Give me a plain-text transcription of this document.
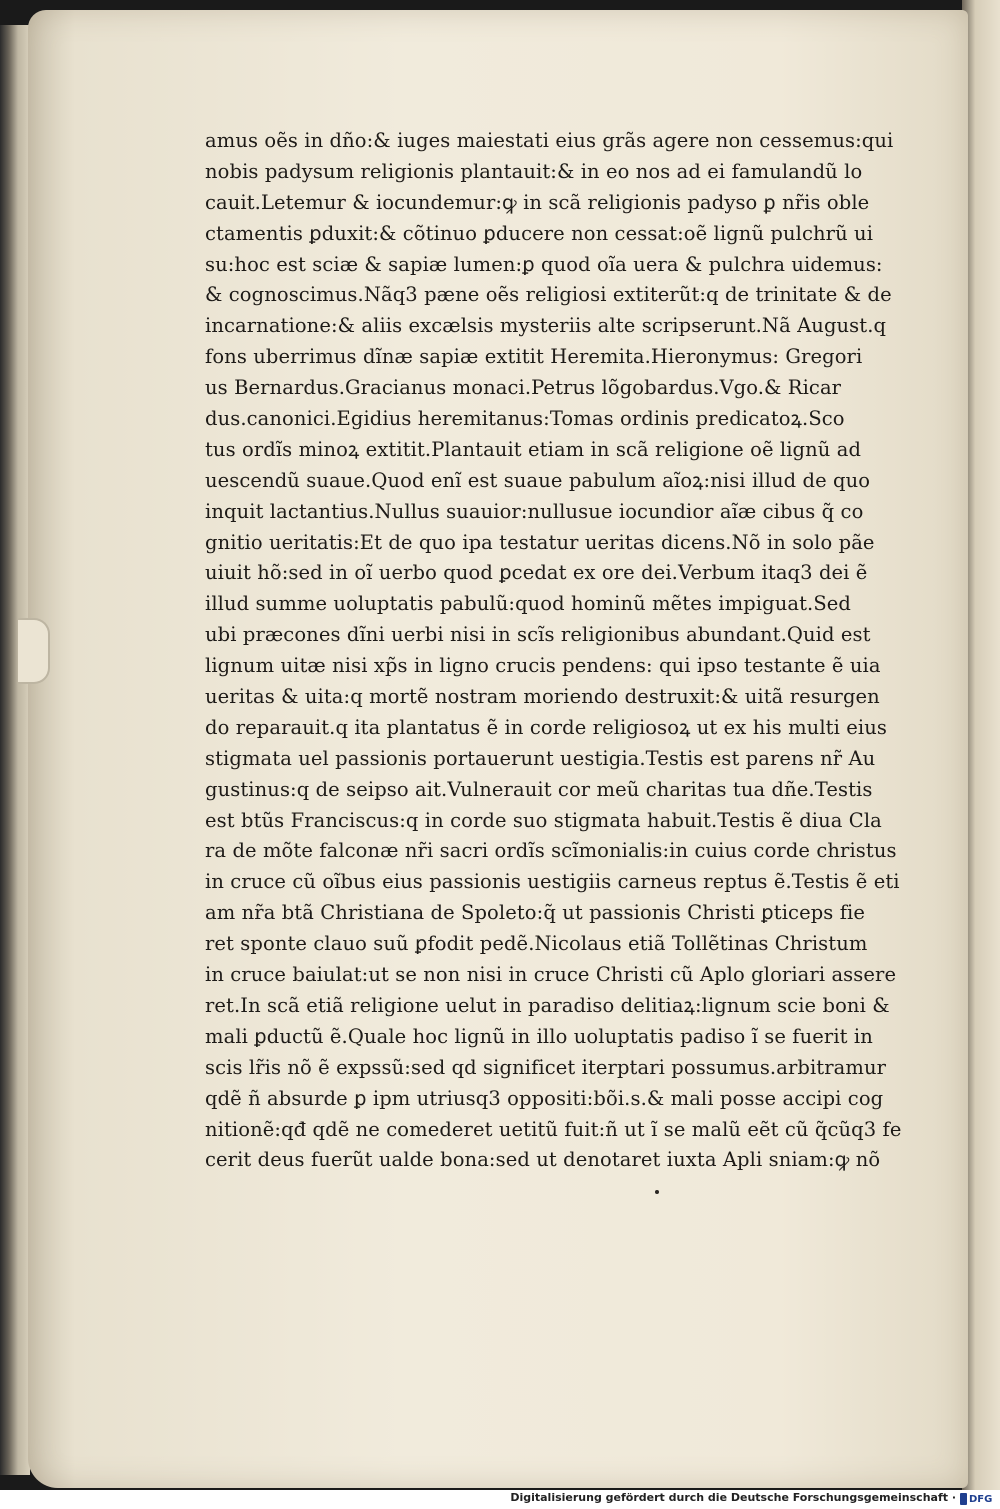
amus oẽs in dño:& iuges maiestati eius grãs agere non cessemus:qui
nobis padysum religionis plantauit:& in eo nos ad ei famulandũ lo
cauit.Letemur & iocundemur:ꝙ in scã religionis padyso ꝑ nr̃is oble
ctamentis ꝑduxit:& cõtinuo ꝑducere non cessat:oẽ lignũ pulchrũ ui
su:hoc est sciæ & sapiæ lumen:ꝑ quod oĩa uera & pulchra uidemus:
& cognoscimus.Nãq3 pæne oẽs religiosi extiterũt:q de trinitate & de
incarnatione:& aliis excælsis mysteriis alte scripserunt.Nã August.q
fons uberrimus dĩnæ sapiæ extitit Heremita.Hieronymus: Gregori
us Bernardus.Gracianus monaci.Petrus lõgobardus.Vgo.& Ricar
dus.canonici.Egidius heremitanus:Tomas ordinis predicatoꝝ.Sco
tus ordĩs minoꝝ extitit.Plantauit etiam in scã religione oẽ lignũ ad
uescendũ suaue.Quod enĩ est suaue pabulum aĩoꝝ:nisi illud de quo
inquit lactantius.Nullus suauior:nullusue iocundior aĩæ cibus q̃ co
gnitio ueritatis:Et de quo ipa testatur ueritas dicens.Nõ in solo pãe
uiuit hõ:sed in oĩ uerbo quod ꝑcedat ex ore dei.Verbum itaq3 dei ẽ
illud summe uoluptatis pabulũ:quod hominũ mẽtes impiguat.Sed
ubi præcones dĩni uerbi nisi in scĩs religionibus abundant.Quid est
lignum uitæ nisi xp̃s in ligno crucis pendens: qui ipso testante ẽ uia
ueritas & uita:q mortẽ nostram moriendo destruxit:& uitã resurgen
do reparauit.q ita plantatus ẽ in corde religiosoꝝ ut ex his multi eius
stigmata uel passionis portauerunt uestigia.Testis est parens nr̃ Au
gustinus:q de seipso ait.Vulnerauit cor meũ charitas tua dñe.Testis
est btũs Franciscus:q in corde suo stigmata habuit.Testis ẽ diua Cla
ra de mõte falconæ nr̃i sacri ordĩs scĩmonialis:in cuius corde christus
in cruce cũ oĩbus eius passionis uestigiis carneus reptus ẽ.Testis ẽ eti
am nr̃a btã Christiana de Spoleto:q̃ ut passionis Christi ꝑticeps fie
ret sponte clauo suũ ꝑfodit pedẽ.Nicolaus etiã Tollẽtinas Christum
in cruce baiulat:ut se non nisi in cruce Christi cũ Aplo gloriari assere
ret.In scã etiã religione uelut in paradiso delitiaꝝ:lignum scie boni &
mali ꝑductũ ẽ.Quale hoc lignũ in illo uoluptatis padiso ĩ se fuerit in
scis lr̃is nõ ẽ expssũ:sed qd significet iterptari possumus.arbitramur
qdẽ ñ absurde ꝑ ipm utriusq3 oppositi:bõi.s.& mali posse accipi cog
nitionẽ:qđ qdẽ ne comederet uetitũ fuit:ñ ut ĩ se malũ eẽt cũ q̃cũq3 fe
cerit deus fuerũt ualde bona:sed ut denotaret iuxta Apli sniam:ꝙ nõ
Digitalisierung gefördert durch die Deutsche Forschungsgemeinschaft · DFG
